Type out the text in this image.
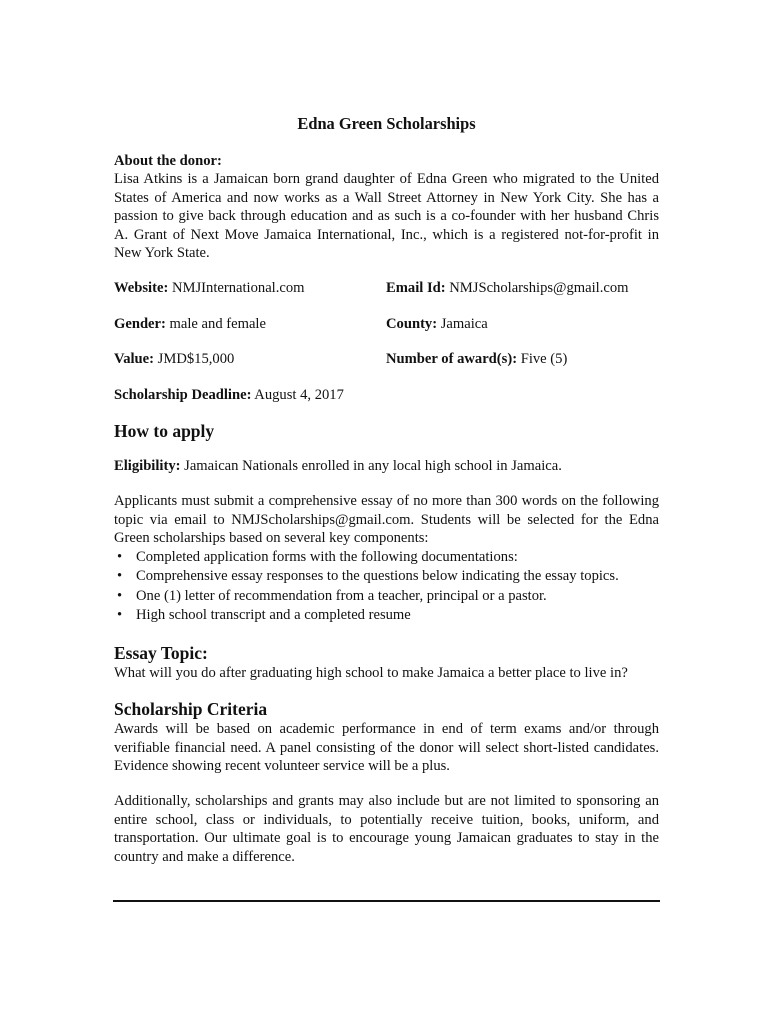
Edna Green Scholarships

About the donor:

Lisa Atkins is a Jamaican born grand daughter of Edna Green who migrated to the United States of America and now works as a Wall Street Attorney in New York City. She has a passion to give back through education and as such is a co-founder with her husband Chris A. Grant of Next Move Jamaica International, Inc., which is a registered not-for-profit in New York State.

Website: NMJInternational.com	Email Id: NMJScholarships@gmail.com
Gender: male and female	County: Jamaica
Value: JMD$15,000	Number of award(s): Five (5)
Scholarship Deadline: August 4, 2017
How to apply

Eligibility: Jamaican Nationals enrolled in any local high school in Jamaica.

Applicants must submit a comprehensive essay of no more than 300 words on the following topic via email to NMJScholarships@gmail.com. Students will be selected for the Edna Green scholarships based on several key components:

• Completed application forms with the following documentations:
• Comprehensive essay responses to the questions below indicating the essay topics.
• One (1) letter of recommendation from a teacher, principal or a pastor.
• High school transcript and a completed resume
Essay Topic:

What will you do after graduating high school to make Jamaica a better place to live in?

Scholarship Criteria

Awards will be based on academic performance in end of term exams and/or through verifiable financial need. A panel consisting of the donor will select short-listed candidates. Evidence showing recent volunteer service will be a plus.

Additionally, scholarships and grants may also include but are not limited to sponsoring an entire school, class or individuals, to potentially receive tuition, books, uniform, and transportation. Our ultimate goal is to encourage young Jamaican graduates to stay in the country and make a difference.
